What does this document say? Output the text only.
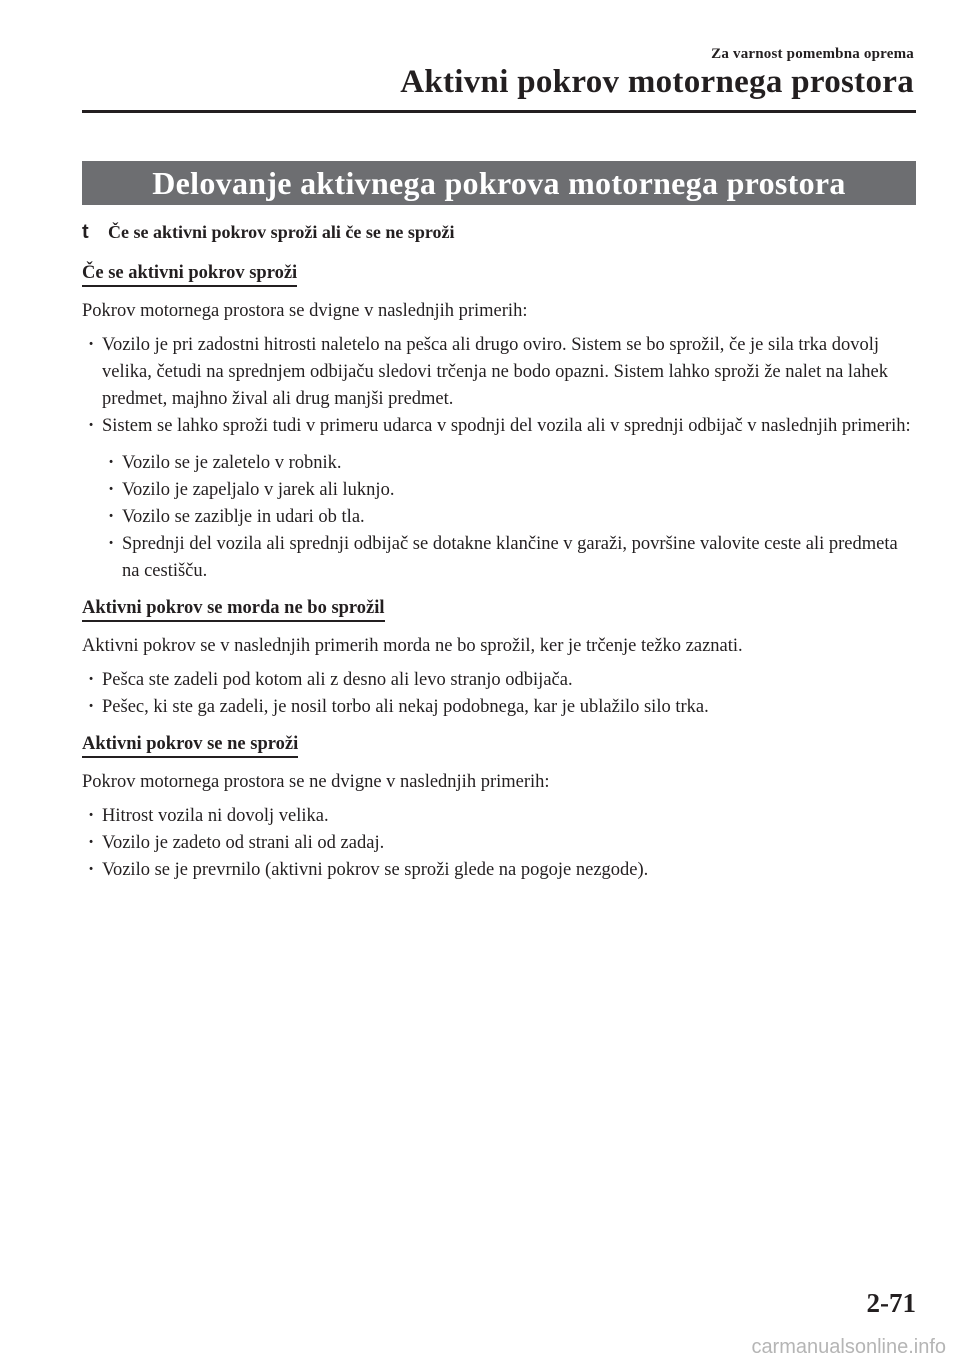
Za varnost pomembna oprema
Aktivni pokrov motornega prostora
Delovanje aktivnega pokrova motornega prostora
t	Če se aktivni pokrov sproži ali če se ne sproži
Če se aktivni pokrov sproži
Pokrov motornega prostora se dvigne v naslednjih primerih:
· Vozilo je pri zadostni hitrosti naletelo na pešca ali drugo oviro. Sistem se bo sprožil, če je sila trka dovolj velika, četudi na sprednjem odbijaču sledovi trčenja ne bodo opazni. Sistem lahko sproži že nalet na lahek predmet, majhno žival ali drug manjši predmet.
· Sistem se lahko sproži tudi v primeru udarca v spodnji del vozila ali v sprednji odbijač v naslednjih primerih:
· Vozilo se je zaletelo v robnik.
· Vozilo je zapeljalo v jarek ali luknjo.
· Vozilo se zaziblje in udari ob tla.
· Sprednji del vozila ali sprednji odbijač se dotakne klančine v garaži, površine valovite ceste ali predmeta na cestišču.
Aktivni pokrov se morda ne bo sprožil
Aktivni pokrov se v naslednjih primerih morda ne bo sprožil, ker je trčenje težko zaznati.
· Pešca ste zadeli pod kotom ali z desno ali levo stranjo odbijača.
· Pešec, ki ste ga zadeli, je nosil torbo ali nekaj podobnega, kar je ublažilo silo trka.
Aktivni pokrov se ne sproži
Pokrov motornega prostora se ne dvigne v naslednjih primerih:
· Hitrost vozila ni dovolj velika.
· Vozilo je zadeto od strani ali od zadaj.
· Vozilo se je prevrnilo (aktivni pokrov se sproži glede na pogoje nezgode).
2-71
carmanualsonline.info
